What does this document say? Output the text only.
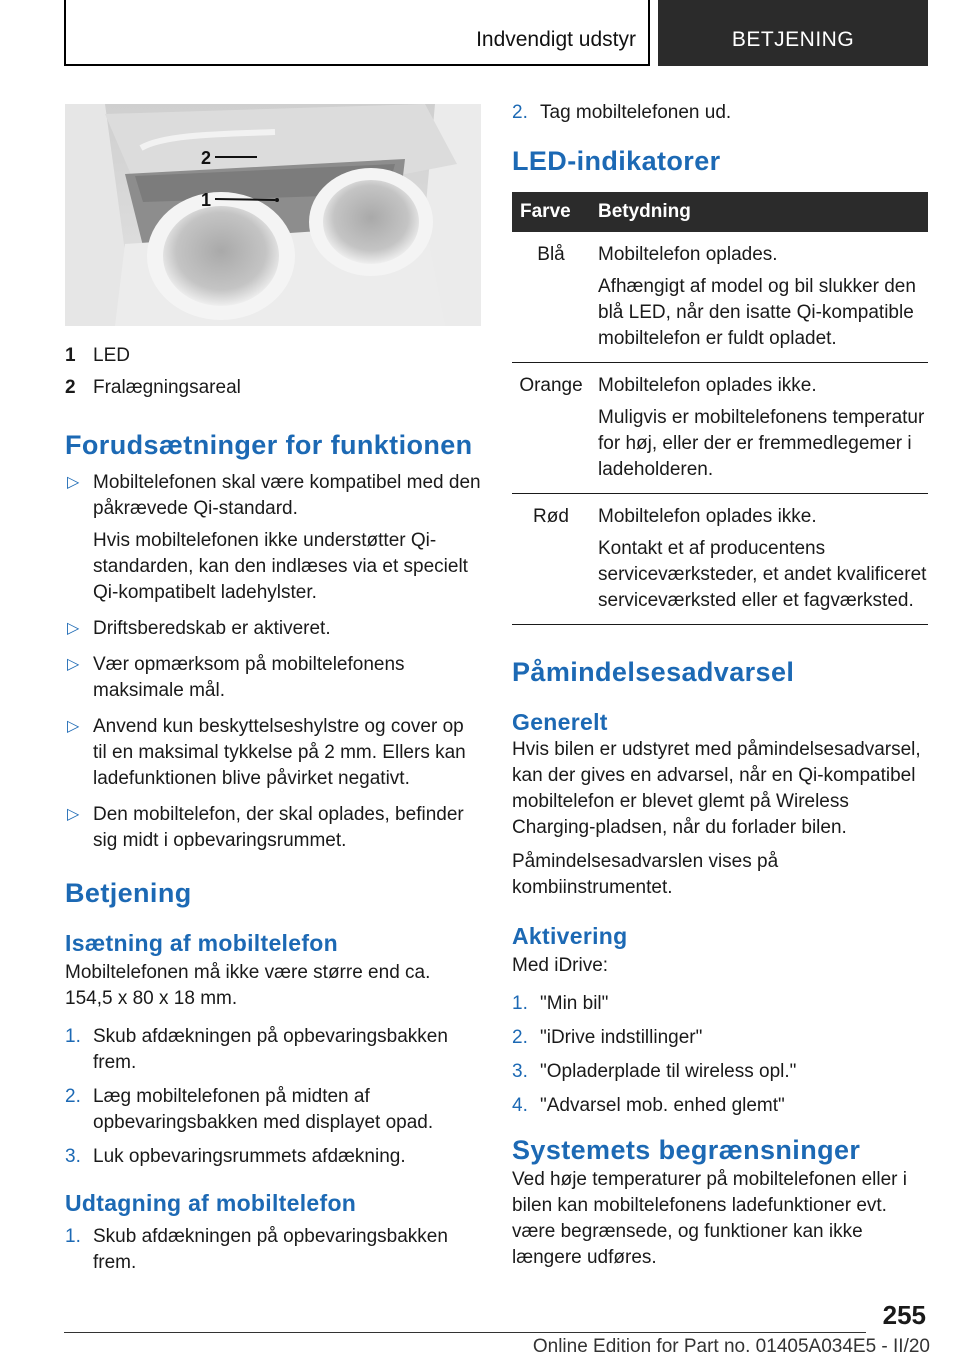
Indvendigt udstyr	BETJENING
2
1
1 LED
2 Fralægningsareal
Forudsætninger for funktionen
▷ Mobiltelefonen skal være kompatibel med den påkrævede Qi-standard.
Hvis mobiltelefonen ikke understøtter Qi-standarden, kan den indlæses via et specielt Qi-kompatibelt ladehylster.
▷ Driftsberedskab er aktiveret.
▷ Vær opmærksom på mobiltelefonens maksimale mål.
▷ Anvend kun beskyttelseshylstre og cover op til en maksimal tykkelse på 2 mm. Ellers kan ladefunktionen blive påvirket negativt.
▷ Den mobiltelefon, der skal oplades, befinder sig midt i opbevaringsrummet.
Betjening
Isætning af mobiltelefon

Mobiltelefonen må ikke være større end ca. 154,5 x 80 x 18 mm.

1. Skub afdækningen på opbevaringsbakken frem.
2. Læg mobiltelefonen på midten af opbevaringsbakken med displayet opad.
3. Luk opbevaringsrummets afdækning.
Udtagning af mobiltelefon
1. Skub afdækningen på opbevaringsbakken frem.
2. Tag mobiltelefonen ud.
LED-indikatorer
Farve	Betydning
Blå	Mobiltelefon oplades.
Afhængigt af model og bil slukker den blå LED, når den isatte Qi-kompatible mobiltelefon er fuldt opladet.

Orange	Mobiltelefon oplades ikke.
Muligvis er mobiltelefonens temperatur for høj, eller der er fremmedlegemer i ladeholderen.

Rød	Mobiltelefon oplades ikke.
Kontakt et af producentens serviceværksteder, et andet kvalificeret serviceværksted eller et fagværksted.
Påmindelsesadvarsel
Generelt

Hvis bilen er udstyret med påmindelsesadvarsel, kan der gives en advarsel, når en Qi-kompatibel mobiltelefon er blevet glemt på Wireless Charging-pladsen, når du forlader bilen.

Påmindelsesadvarslen vises på kombiinstrumentet.

Aktivering

Med iDrive:

1. "Min bil"
2. "iDrive indstillinger"
3. "Opladerplade til wireless opl."
4. "Advarsel mob. enhed glemt"
Systemets begrænsninger

Ved høje temperaturer på mobiltelefonen eller i bilen kan mobiltelefonens ladefunktioner evt. være begrænsede, og funktioner kan ikke længere udføres.

255
Online Edition for Part no. 01405A034E5 - II/20
